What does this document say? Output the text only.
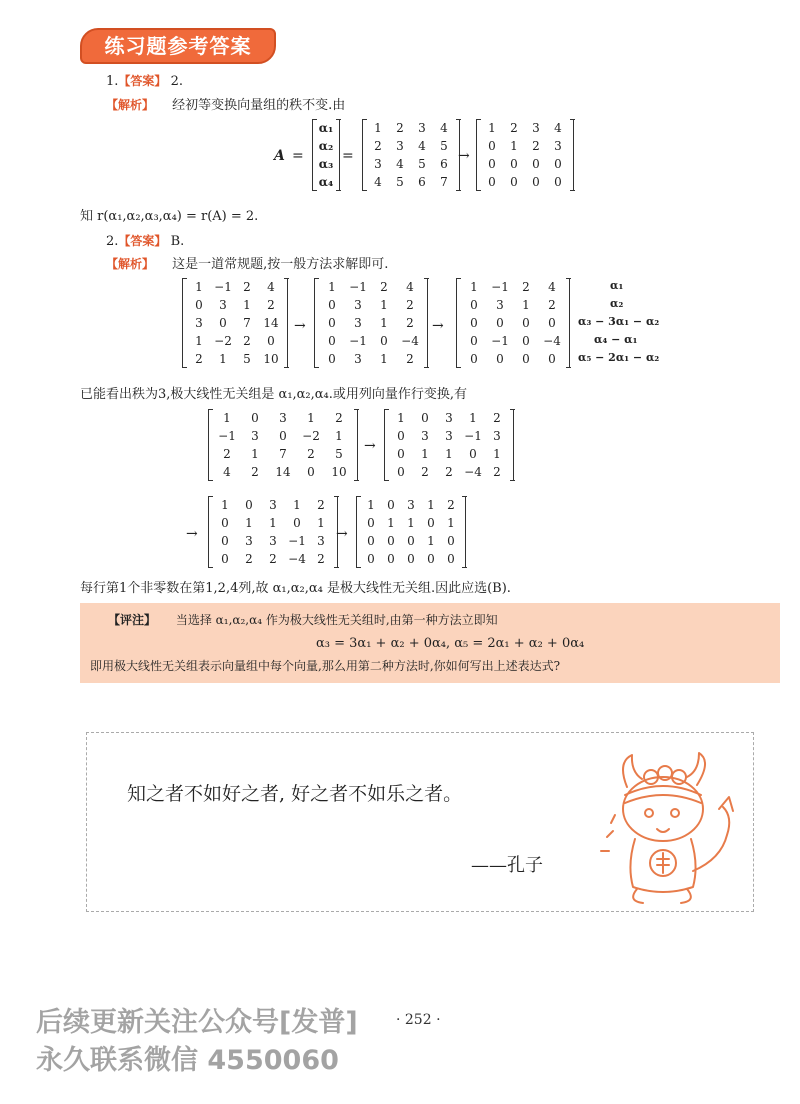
练习题参考答案
1.【答案】 2.
【解析】 经初等变换向量组的秩不变.由
A =
α₁
α₂
α₃
α₄
=
1	2	3	4
2	3	4	5
3	4	5	6
4	5	6	7
→
1	2	3	4
0	1	2	3
0	0	0	0
0	0	0	0
知 r(α₁,α₂,α₃,α₄) = r(A) = 2.
2.【答案】 B.
【解析】 这是一道常规题,按一般方法求解即可.
1 −1 2	4
0	3	1	2
3	0	7	14
1 −2 2	0
2	1	5	10
→
1	−1	2	4
0	3	1	2
0	3	1	2
0	−1	0	−4
0	3	1	2
→
1	−1	2	4
0	3	1	2
0	0	0	0
0	−1	0	−4
0	0	0	0
α₁
α₂
α₃ − 3α₁ − α₂
α₄ − α₁
α₅ − 2α₁ − α₂
已能看出秩为3,极大线性无关组是 α₁,α₂,α₄.或用列向量作行变换,有
1	0	3	1	2
−1	3	0	−2	1
2	1	7	2	5
4	2	14	0	10
→
1	0	3	1	2
0	3	3 −1 3
0	1	1	0	1
0	2	2 −4 2
→
1	0	3	1	2
0	1	1	0	1
0	3	3 −1 3
0	2	2 −4 2
→
1	0	3	1	2
0	1	1	0	1
0	0	0	1	0
0	0	0	0	0
每行第1个非零数在第1,2,4列,故 α₁,α₂,α₄ 是极大线性无关组.因此应选(B).
【评注】 当选择 α₁,α₂,α₄ 作为极大线性无关组时,由第一种方法立即知
α₃ = 3α₁ + α₂ + 0α₄, α₅ = 2α₁ + α₂ + 0α₄
即用极大线性无关组表示向量组中每个向量,那么用第二种方法时,你如何写出上述表达式?
知之者不如好之者, 好之者不如乐之者。
——孔子
后续更新关注公众号[发普]
永久联系微信 4550060
· 252 ·
